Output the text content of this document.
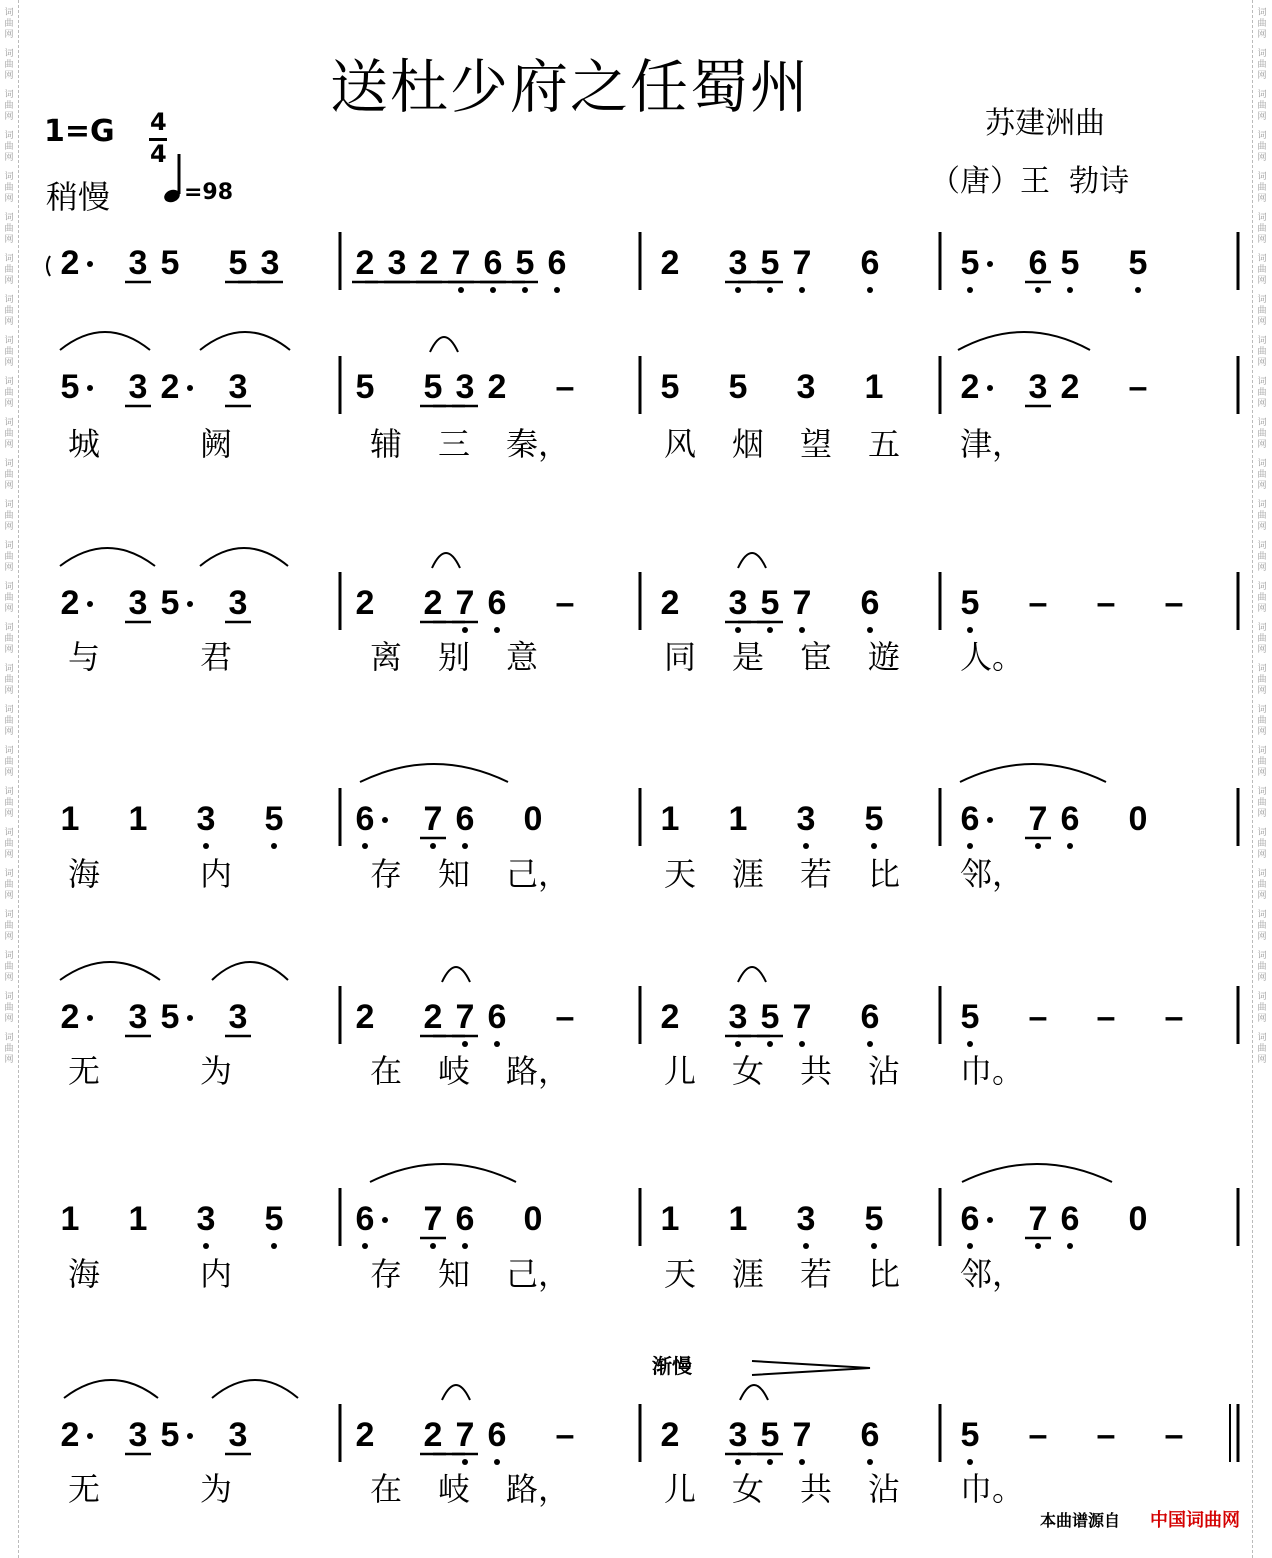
词
曲
网
词
曲
网
词
曲
网
词
曲
网
词
曲
网
词
曲
网
词
曲
网
词
曲
网
词
曲
网
词
曲
网
词
曲
网
词
曲
网
词
曲
网
词
曲
网
词
曲
网
词
曲
网
词
曲
网
词
曲
网
词
曲
网
词
曲
网
词
曲
网
词
曲
网
词
曲
网
词
曲
网
词
曲
网
词
曲
网
词
曲
网
词
曲
网
词
曲
网
词
曲
网
词
曲
网
词
曲
网
词
曲
网
词
曲
网
词
曲
网
词
曲
网
词
曲
网
词
曲
网
词
曲
网
词
曲
网
词
曲
网
词
曲
网
词
曲
网
词
曲
网
词
曲
网
词
曲
网
词
曲
网
词
曲
网
词
曲
网
词
曲
网
词
曲
网
词
曲
网
送杜少府之任蜀州
苏建洲曲
（唐）王  勃诗
1=G 4
4
稍慢	=98
2 3 5 5 3 2 3 2 7 6 5 6	2 3 5 7 6 5 6 5 5
5 3 2 3	5 5 3 2 –	5 5 3 1 2 3 2 –
城	阙	辅 三 秦，	风 烟 望 五 津，
2 3 5 3	2 2 7 6 –	2 3 5 7 6 5 – – –
与	君	离 别 意	同 是 宦 遊 人。
1 1 3 5 6 7 6 0	1 1 3 5 6 7 6 0
海	内	存 知 己，	天 涯 若 比 邻，
2 3 5 3	2 2 7 6 –	2 3 5 7 6 5 – – –
无	为	在 岐 路，	儿 女 共 沾 巾。
1 1 3 5 6 7 6 0	1 1 3 5 6 7 6 0
海	内	存 知 己，	天 涯 若 比 邻，
2 3 5 3	2 2 7 6 –	2 3 5 7 6 5 – – –
无	为	在 岐 路，	儿 女 共 沾 巾。
渐慢
本曲谱源自 中国词曲网
